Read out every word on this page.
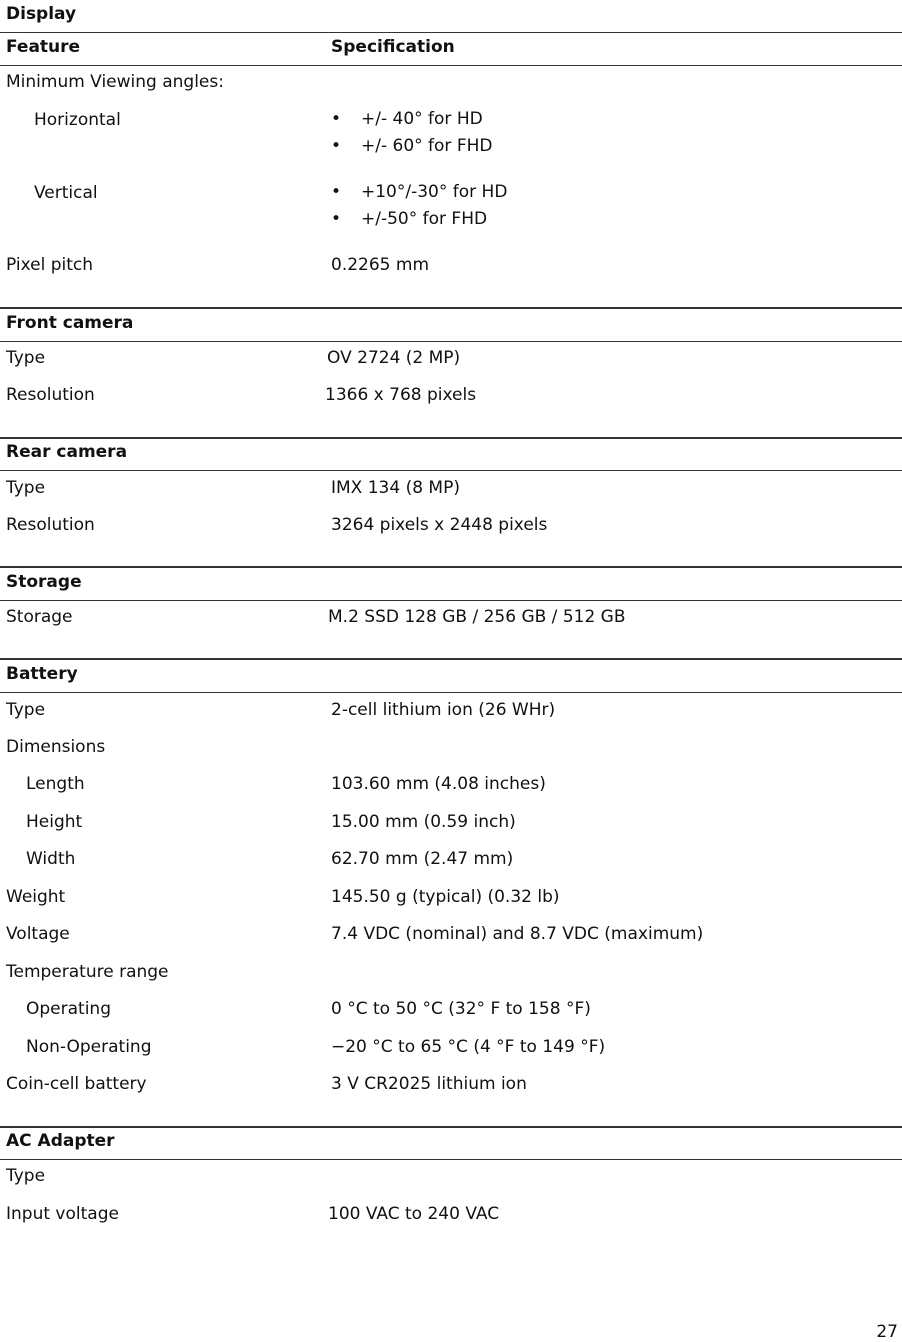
Display
Feature	Specification
Minimum Viewing angles:
Horizontal	• +/- 40° for HD
• +/- 60° for FHD
Vertical	• +10°/-30° for HD
• +/-50° for FHD
Pixel pitch	0.2265 mm
Front camera
Type	OV 2724 (2 MP)
Resolution	1366 x 768 pixels
Rear camera
Type	IMX 134 (8 MP)
Resolution	3264 pixels x 2448 pixels
Storage
Storage	M.2 SSD 128 GB / 256 GB / 512 GB
Battery
Type	2-cell lithium ion (26 WHr)
Dimensions
Length	103.60 mm (4.08 inches)
Height	15.00 mm (0.59 inch)
Width	62.70 mm (2.47 mm)
Weight	145.50 g (typical) (0.32 lb)
Voltage	7.4 VDC (nominal) and 8.7 VDC (maximum)
Temperature range
Operating	0 °C to 50 °C (32° F to 158 °F)
Non-Operating	−20 °C to 65 °C (4 °F to 149 °F)
Coin-cell battery	3 V CR2025 lithium ion
AC Adapter
Type
Input voltage	100 VAC to 240 VAC
27
